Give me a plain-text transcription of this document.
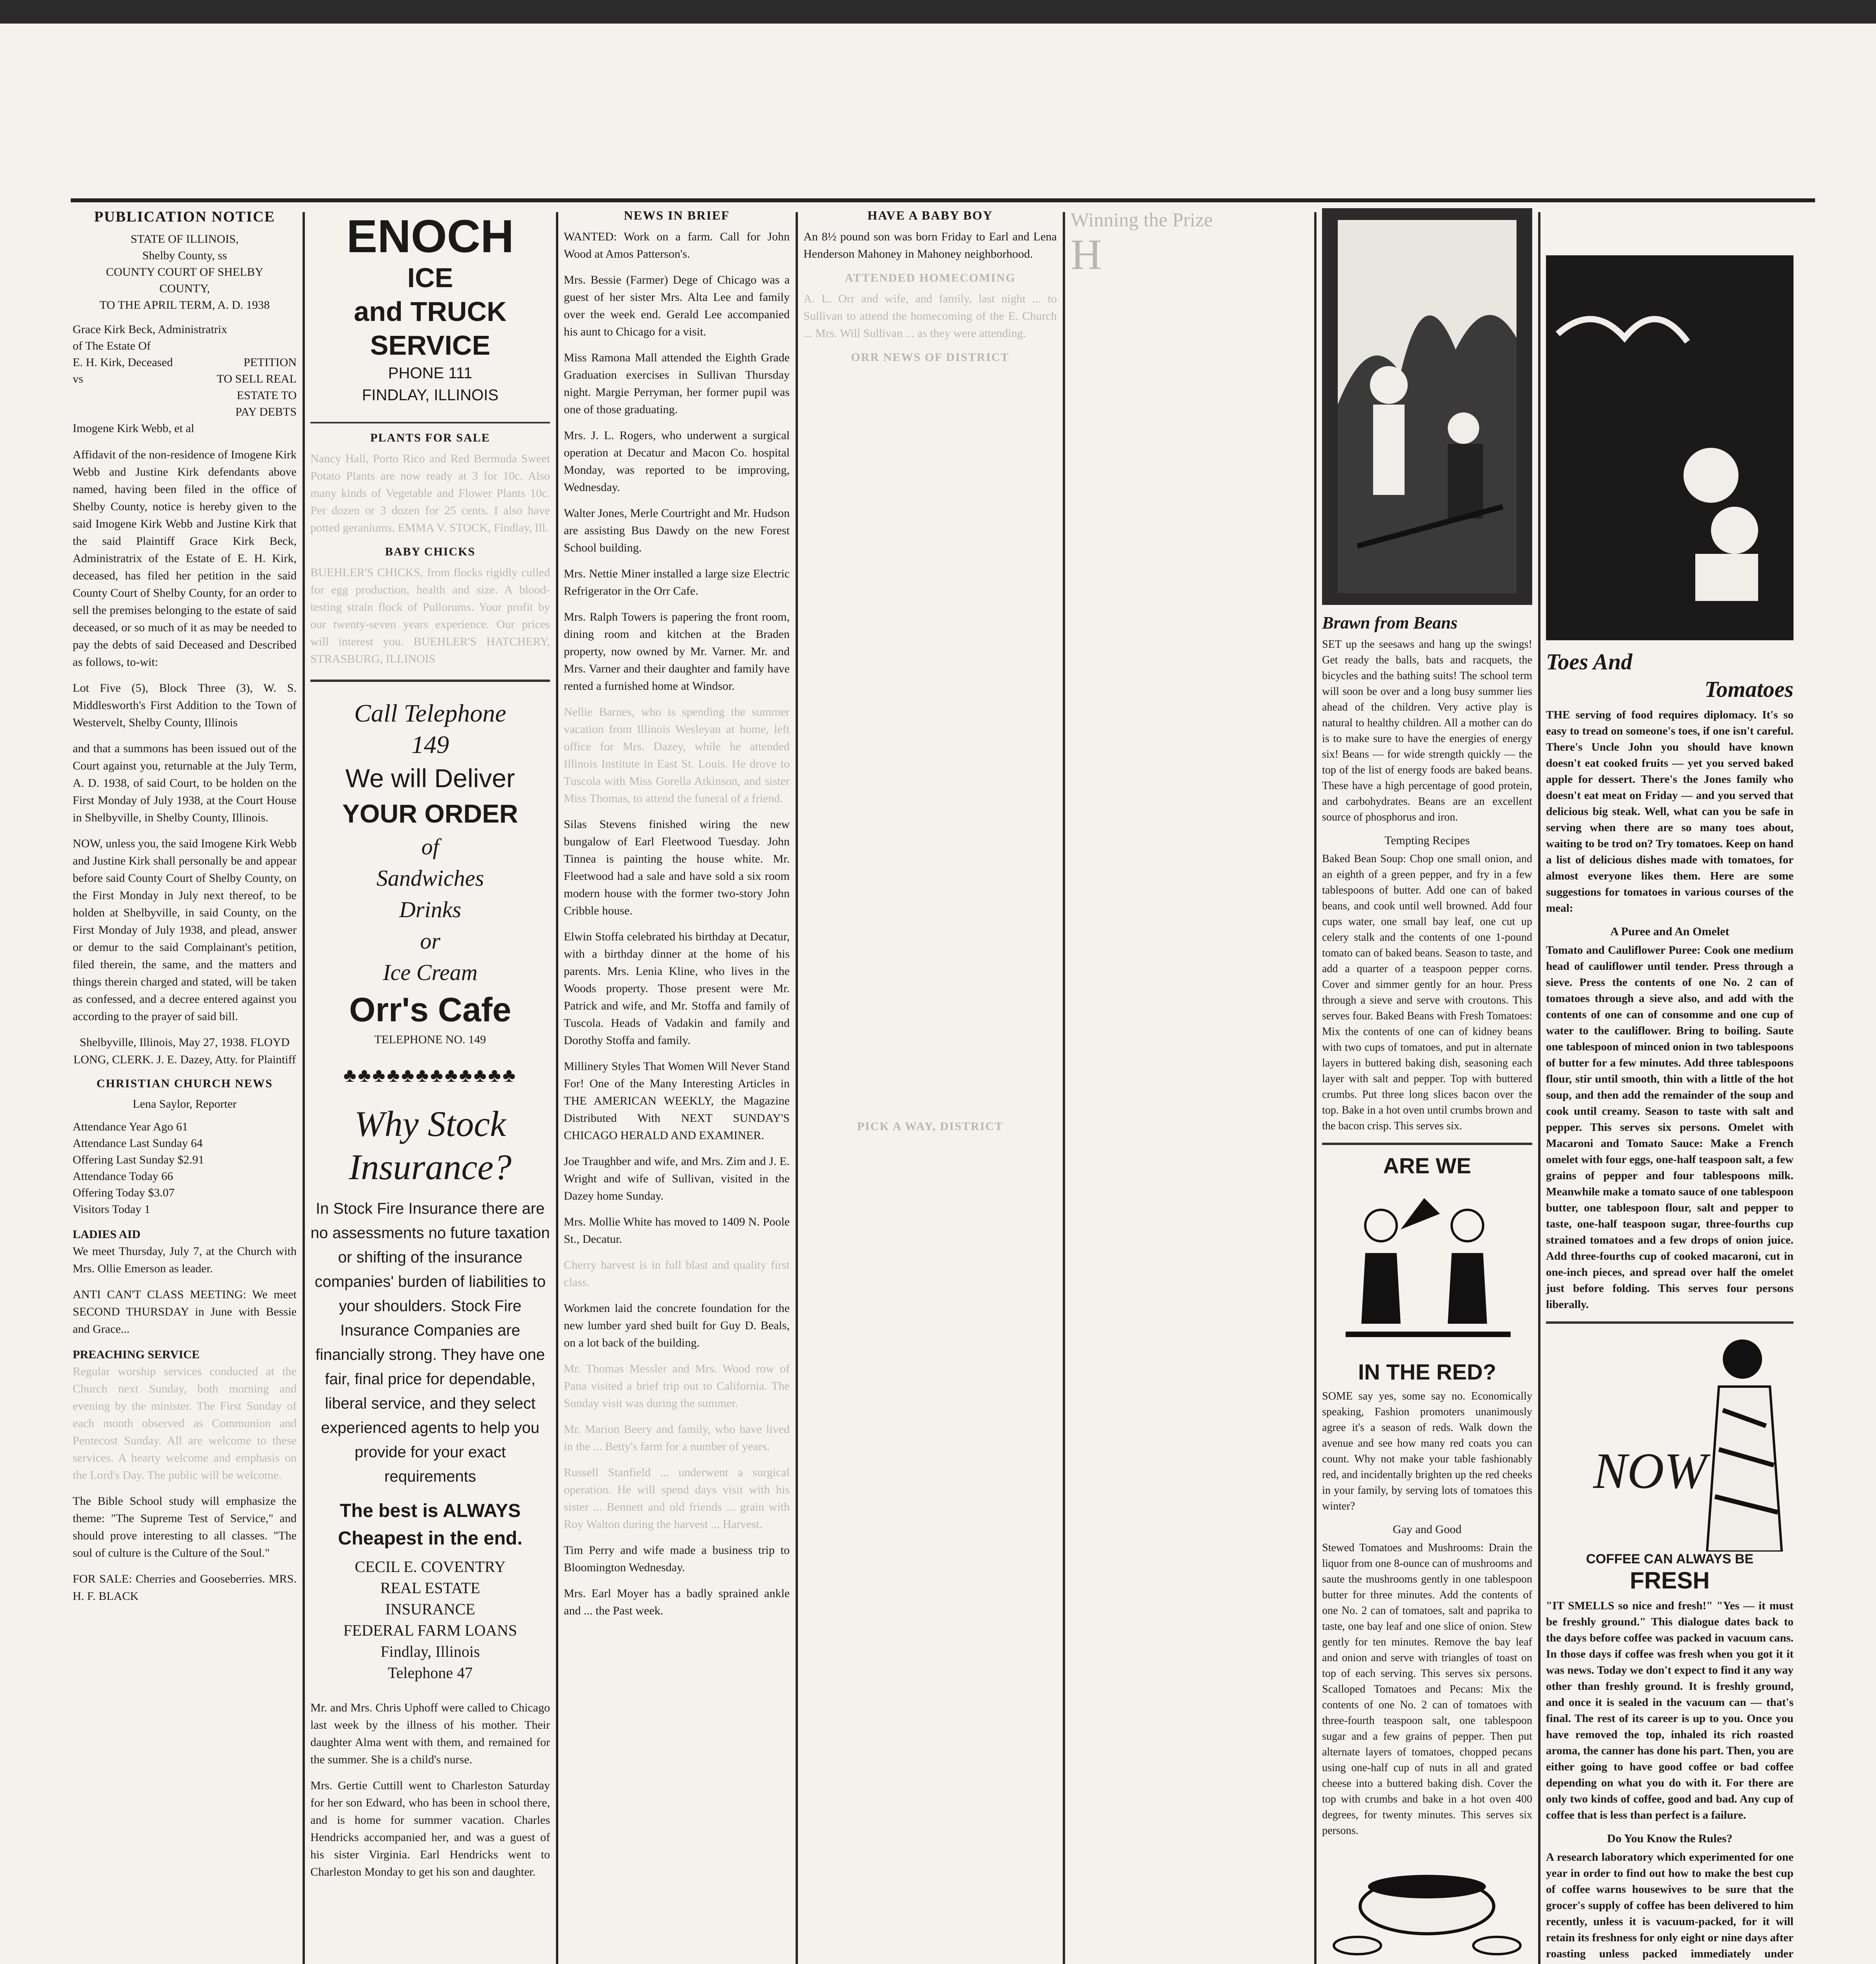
PUBLICATION NOTICE
STATE OF ILLINOIS,
Shelby County, ss
COUNTY COURT OF SHELBY
COUNTY,
TO THE APRIL TERM, A. D. 1938
Grace Kirk Beck, Administratrix
of The Estate Of
E. H. Kirk, Deceased	PETITION
vs	TO SELL REAL
ESTATE TO
PAY DEBTS
Imogene Kirk Webb, et al

Affidavit of the non-residence of Imogene Kirk Webb and Justine Kirk defendants above named, having been filed in the office of Shelby County, notice is hereby given to the said Imogene Kirk Webb and Justine Kirk that the said Plaintiff Grace Kirk Beck, Administratrix of the Estate of E. H. Kirk, deceased, has filed her petition in the said County Court of Shelby County, for an order to sell the premises belonging to the estate of said deceased, or so much of it as may be needed to pay the debts of said Deceased and Described as follows, to-wit:

Lot Five (5), Block Three (3), W. S. Middlesworth's First Addition to the Town of Westervelt, Shelby County, Illinois

and that a summons has been issued out of the Court against you, returnable at the July Term, A. D. 1938, of said Court, to be holden on the First Monday of July 1938, at the Court House in Shelbyville, in Shelby County, Illinois.

NOW, unless you, the said Imogene Kirk Webb and Justine Kirk shall personally be and appear before said County Court of Shelby County, on the First Monday in July next thereof, to be holden at Shelbyville, in said County, on the First Monday of July 1938, and plead, answer or demur to the said Complainant's petition, filed therein, the same, and the matters and things therein charged and stated, will be taken as confessed, and a decree entered against you according to the prayer of said bill.

Shelbyville, Illinois, May 27, 1938. FLOYD LONG, CLERK. J. E. Dazey, Atty. for Plaintiff

CHRISTIAN CHURCH NEWS
Lena Saylor, Reporter
Attendance Year Ago 61
Attendance Last Sunday 64
Offering Last Sunday $2.91
Attendance Today 66
Offering Today $3.07
Visitors Today 1
LADIES AID

We meet Thursday, July 7, at the Church with Mrs. Ollie Emerson as leader.

ANTI CAN'T CLASS MEETING: We meet SECOND THURSDAY in June with Bessie and Grace...

PREACHING SERVICE

Regular worship services conducted at the Church next Sunday, both morning and evening by the minister. The First Sunday of each month observed as Communion and Pentecost Sunday. All are welcome to these services. A hearty welcome and emphasis on the Lord's Day. The public will be welcome.

The Bible School study will emphasize the theme: "The Supreme Test of Service," and should prove interesting to all classes. "The soul of culture is the Culture of the Soul."

FOR SALE: Cherries and Gooseberries. MRS. H. F. BLACK

ENOCH
ICE
and TRUCK
SERVICE
PHONE 111
FINDLAY, ILLINOIS
PLANTS FOR SALE

Nancy Hall, Porto Rico and Red Bermuda Sweet Potato Plants are now ready at 3 for 10c. Also many kinds of Vegetable and Flower Plants 10c. Per dozen or 3 dozen for 25 cents. I also have potted geraniums. EMMA V. STOCK, Findlay, Ill.

BABY CHICKS

BUEHLER'S CHICKS, from flocks rigidly culled for egg production, health and size. A blood-testing strain flock of Pullorums. Your profit by our twenty-seven years experience. Our prices will interest you. BUEHLER'S HATCHERY, STRASBURG, ILLINOIS

Call Telephone
149
We will Deliver
YOUR ORDER
of
Sandwiches
Drinks
or
Ice Cream
Orr's Cafe
TELEPHONE NO. 149
♣♣♣♣♣♣♣♣♣♣♣♣
Why Stock
Insurance?

In Stock Fire Insurance there are no assessments no future taxation or shifting of the insurance companies' burden of liabilities to your shoulders. Stock Fire Insurance Companies are financially strong. They have one fair, final price for dependable, liberal service, and they select experienced agents to help you provide for your exact requirements

The best is ALWAYS
Cheapest in the end.
CECIL E. COVENTRY
REAL ESTATE
INSURANCE
FEDERAL FARM LOANS
Findlay, Illinois
Telephone 47

Mr. and Mrs. Chris Uphoff were called to Chicago last week by the illness of his mother. Their daughter Alma went with them, and remained for the summer. She is a child's nurse.

Mrs. Gertie Cuttill went to Charleston Saturday for her son Edward, who has been in school there, and is home for summer vacation. Charles Hendricks accompanied her, and was a guest of his sister Virginia. Earl Hendricks went to Charleston Monday to get his son and daughter.

NEWS IN BRIEF

WANTED: Work on a farm. Call for John Wood at Amos Patterson's.

Mrs. Bessie (Farmer) Dege of Chicago was a guest of her sister Mrs. Alta Lee and family over the week end. Gerald Lee accompanied his aunt to Chicago for a visit.

Miss Ramona Mall attended the Eighth Grade Graduation exercises in Sullivan Thursday night. Margie Perryman, her former pupil was one of those graduating.

Mrs. J. L. Rogers, who underwent a surgical operation at Decatur and Macon Co. hospital Monday, was reported to be improving, Wednesday.

Walter Jones, Merle Courtright and Mr. Hudson are assisting Bus Dawdy on the new Forest School building.

Mrs. Nettie Miner installed a large size Electric Refrigerator in the Orr Cafe.

Mrs. Ralph Towers is papering the front room, dining room and kitchen at the Braden property, now owned by Mr. Varner. Mr. and Mrs. Varner and their daughter and family have rented a furnished home at Windsor.

Nellie Barnes, who is spending the summer vacation from Illinois Wesleyan at home, left office for Mrs. Dazey, while he attended Illinois Institute in East St. Louis. He drove to Tuscola with Miss Gorella Atkinson, and sister Miss Thomas, to attend the funeral of a friend.

Silas Stevens finished wiring the new bungalow of Earl Fleetwood Tuesday. John Tinnea is painting the house white. Mr. Fleetwood had a sale and have sold a six room modern house with the former two-story John Cribble house.

Elwin Stoffa celebrated his birthday at Decatur, with a birthday dinner at the home of his parents. Mrs. Lenia Kline, who lives in the Woods property. Those present were Mr. Patrick and wife, and Mr. Stoffa and family of Tuscola. Heads of Vadakin and family and Dorothy Stoffa and family.

Millinery Styles That Women Will Never Stand For! One of the Many Interesting Articles in THE AMERICAN WEEKLY, the Magazine Distributed With NEXT SUNDAY'S CHICAGO HERALD AND EXAMINER.

Joe Traughber and wife, and Mrs. Zim and J. E. Wright and wife of Sullivan, visited in the Dazey home Sunday.

Mrs. Mollie White has moved to 1409 N. Poole St., Decatur.

Cherry harvest is in full blast and quality first class.

Workmen laid the concrete foundation for the new lumber yard shed built for Guy D. Beals, on a lot back of the building.

Mr. Thomas Messler and Mrs. Wood row of Pana visited a brief trip out to California. The Sunday visit was during the summer.

Mr. Marion Beery and family, who have lived in the ... Betty's farm for a number of years.

Russell Stanfield ... underwent a surgical operation. He will spend days visit with his sister ... Bennett and old friends ... grain with Roy Walton during the harvest ... Harvest.

Tim Perry and wife made a business trip to Bloomington Wednesday.

Mrs. Earl Moyer has a badly sprained ankle and ... the Past week.

HAVE A BABY BOY

An 8½ pound son was born Friday to Earl and Lena Henderson Mahoney in Mahoney neighborhood.

ATTENDED HOMECOMING

A. L. Orr and wife, and family, last night ... to Sullivan to attend the homecoming of the E. Church ... Mrs. Will Sullivan ... as they were attending.

ORR NEWS OF DISTRICT
PICK A WAY, DISTRICT

Winning the Prize
H

Brawn from Beans

SET up the seesaws and hang up the swings! Get ready the balls, bats and racquets, the bicycles and the bathing suits! The school term will soon be over and a long busy summer lies ahead of the children. Very active play is natural to healthy children. All a mother can do is to make sure to have the energies of energy six! Beans — for wide strength quickly — the top of the list of energy foods are baked beans. These have a high percentage of good protein, and carbohydrates. Beans are an excellent source of phosphorus and iron.

Tempting Recipes

Baked Bean Soup: Chop one small onion, and an eighth of a green pepper, and fry in a few tablespoons of butter. Add one can of baked beans, and cook until well browned. Add four cups water, one small bay leaf, one cut up celery stalk and the contents of one 1-pound tomato can of baked beans. Season to taste, and add a quarter of a teaspoon pepper corns. Cover and simmer gently for an hour. Press through a sieve and serve with croutons. This serves four. Baked Beans with Fresh Tomatoes: Mix the contents of one can of kidney beans with two cups of tomatoes, and put in alternate layers in buttered baking dish, seasoning each layer with salt and pepper. Top with buttered crumbs. Put three long slices bacon over the top. Bake in a hot oven until crumbs brown and the bacon crisp. This serves six.

ARE WE
IN THE RED?

SOME say yes, some say no. Economically speaking, Fashion promoters unanimously agree it's a season of reds. Walk down the avenue and see how many red coats you can count. Why not make your table fashionably red, and incidentally brighten up the red cheeks in your family, by serving lots of tomatoes this winter?

Gay and Good

Stewed Tomatoes and Mushrooms: Drain the liquor from one 8-ounce can of mushrooms and saute the mushrooms gently in one tablespoon butter for three minutes. Add the contents of one No. 2 can of tomatoes, salt and paprika to taste, one bay leaf and one slice of onion. Stew gently for ten minutes. Remove the bay leaf and onion and serve with triangles of toast on top of each serving. This serves six persons. Scalloped Tomatoes and Pecans: Mix the contents of one No. 2 can of tomatoes with three-fourth teaspoon salt, one tablespoon sugar and a few grains of pepper. Then put alternate layers of tomatoes, chopped pecans using one-half cup of nuts in all and grated cheese into a buttered baking dish. Cover the top with crumbs and bake in a hot oven 400 degrees, for twenty minutes. This serves six persons.

Toes And
Tomatoes

THE serving of food requires diplomacy. It's so easy to tread on someone's toes, if one isn't careful. There's Uncle John you should have known doesn't eat cooked fruits — yet you served baked apple for dessert. There's the Jones family who doesn't eat meat on Friday — and you served that delicious big steak. Well, what can you be safe in serving when there are so many toes about, waiting to be trod on? Try tomatoes. Keep on hand a list of delicious dishes made with tomatoes, for almost everyone likes them. Here are some suggestions for tomatoes in various courses of the meal:

A Puree and An Omelet

Tomato and Cauliflower Puree: Cook one medium head of cauliflower until tender. Press through a sieve. Press the contents of one No. 2 can of tomatoes through a sieve also, and add with the contents of one can of consomme and one cup of water to the cauliflower. Bring to boiling. Saute one tablespoon of minced onion in two tablespoons of butter for a few minutes. Add three tablespoons flour, stir until smooth, thin with a little of the hot soup, and then add the remainder of the soup and cook until creamy. Season to taste with salt and pepper. This serves six persons. Omelet with Macaroni and Tomato Sauce: Make a French omelet with four eggs, one-half teaspoon salt, a few grains of pepper and four tablespoons milk. Meanwhile make a tomato sauce of one tablespoon butter, one tablespoon flour, salt and pepper to taste, one-half teaspoon sugar, three-fourths cup strained tomatoes and a few drops of onion juice. Add three-fourths cup of cooked macaroni, cut in one-inch pieces, and spread over half the omelet just before folding. This serves four persons liberally.

NOW
COFFEE CAN ALWAYS BE
FRESH

"IT SMELLS so nice and fresh!" "Yes — it must be freshly ground." This dialogue dates back to the days before coffee was packed in vacuum cans. In those days if coffee was fresh when you got it it was news. Today we don't expect to find it any way other than freshly ground. It is freshly ground, and once it is sealed in the vacuum can — that's final. The rest of its career is up to you. Once you have removed the top, inhaled its rich roasted aroma, the canner has done his part. Then, you are either going to have good coffee or bad coffee depending on what you do with it. For there are only two kinds of coffee, good and bad. Any cup of coffee that is less than perfect is a failure.

Do You Know the Rules?

A research laboratory which experimented for one year in order to find out how to make the best cup of coffee warns housewives to be sure that the grocer's supply of coffee has been delivered to him recently, unless it is vacuum-packed, for it will retain its freshness for only eight or nine days after roasting unless packed immediately under
